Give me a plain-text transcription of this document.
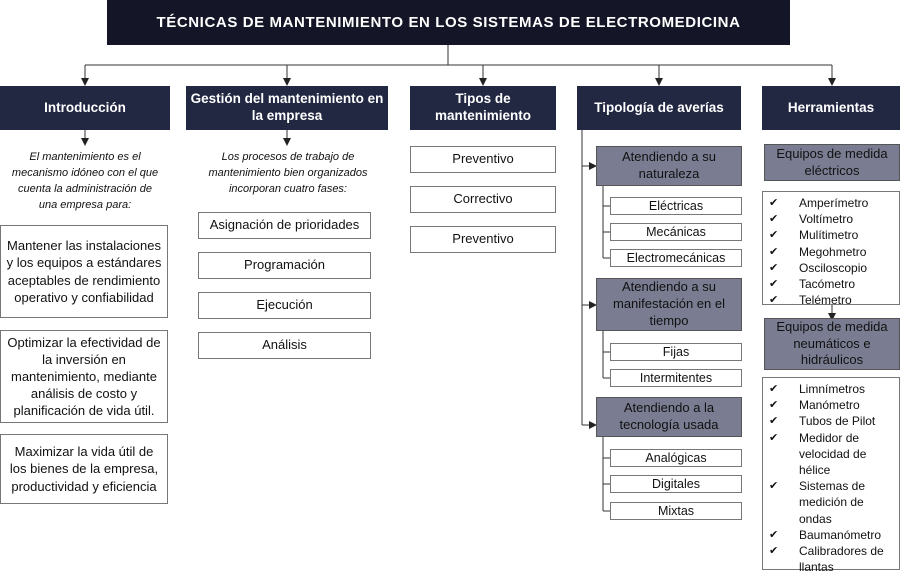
TÉCNICAS DE MANTENIMIENTO EN LOS SISTEMAS DE ELECTROMEDICINA
Introducción
El mantenimiento es el mecanismo idóneo con el que cuenta la administración de una empresa para:
Mantener las instalaciones y los equipos a estándares aceptables de rendimiento operativo y confiabilidad
Optimizar la efectividad de la inversión en mantenimiento, mediante análisis de costo y planificación de vida útil.
Maximizar la vida útil de los bienes de la empresa, productividad y eficiencia
Gestión del mantenimiento en la empresa
Los procesos de trabajo de mantenimiento bien organizados incorporan cuatro fases:
Asignación de prioridades
Programación
Ejecución
Análisis
Tipos de mantenimiento
Preventivo
Correctivo
Preventivo
Tipología de averías
Atendiendo a su naturaleza
Eléctricas
Mecánicas
Electromecánicas
Atendiendo a su manifestación en el tiempo
Fijas
Intermitentes
Atendiendo a la tecnología usada
Analógicas
Digitales
Mixtas
Herramientas
Equipos de medida eléctricos
✔ Amperímetro
✔ Voltímetro
✔ Mulítimetro
✔ Megohmetro
✔ Osciloscopio
✔ Tacómetro
✔ Telémetro
Equipos de medida neumáticos e hidráulicos
✔ Limnímetros
✔ Manómetro
✔ Tubos de Pilot
✔ Medidor de velocidad de hélice
✔ Sistemas de medición de ondas
✔ Baumanómetro
✔ Calibradores de llantas
